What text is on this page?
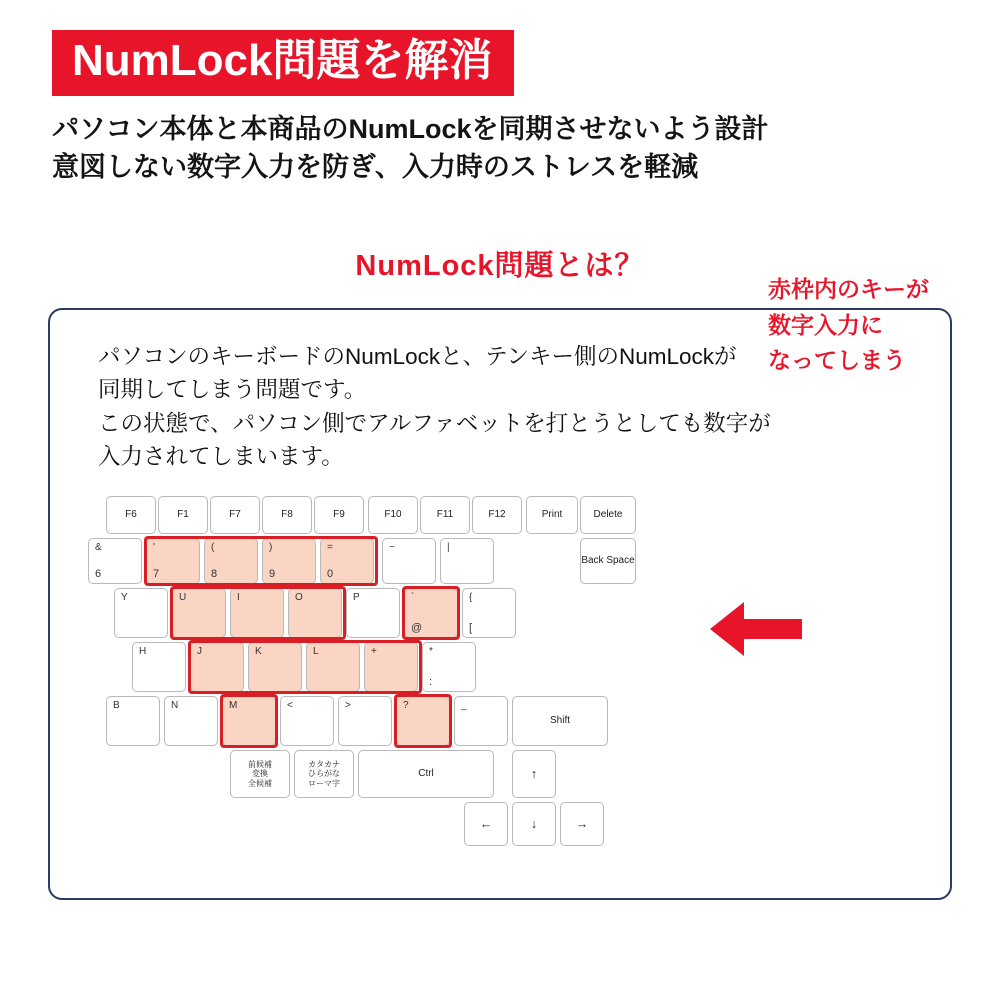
NumLock問題を解消
パソコン本体と本商品のNumLockを同期させないよう設計
意図しない数字入力を防ぎ、入力時のストレスを軽減
NumLock問題とは？
パソコンのキーボードのNumLockと、テンキー側のNumLockが
同期してしまう問題です。
この状態で、パソコン側でアルファベットを打とうとしても数字が
入力されてしまいます。
F6	F1	F7	F8	F9	F10	F11	F12	Print	Delete
&
6
'
7
(
8
)
9
=
0
~	|
Back Space
Y	U	I	O	P	`
@
{
[
H	J	K	L	+	*
:
B	N	M	<	>	?	_
Shift
前候補
変換
全候補
カタカナ
ひらがな
ローマ字
Ctrl	↑
←	↓	→
赤枠内のキーが
数字入力に
なってしまう
